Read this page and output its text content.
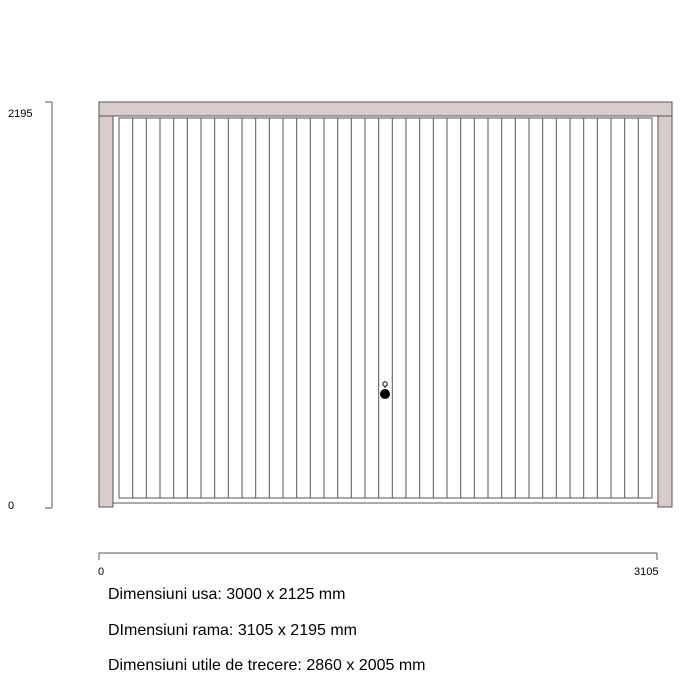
2195
0
0	3105
Dimensiuni usa: 3000 x 2125 mm
DImensiuni rama: 3105 x 2195 mm
Dimensiuni utile de trecere: 2860 x 2005 mm
